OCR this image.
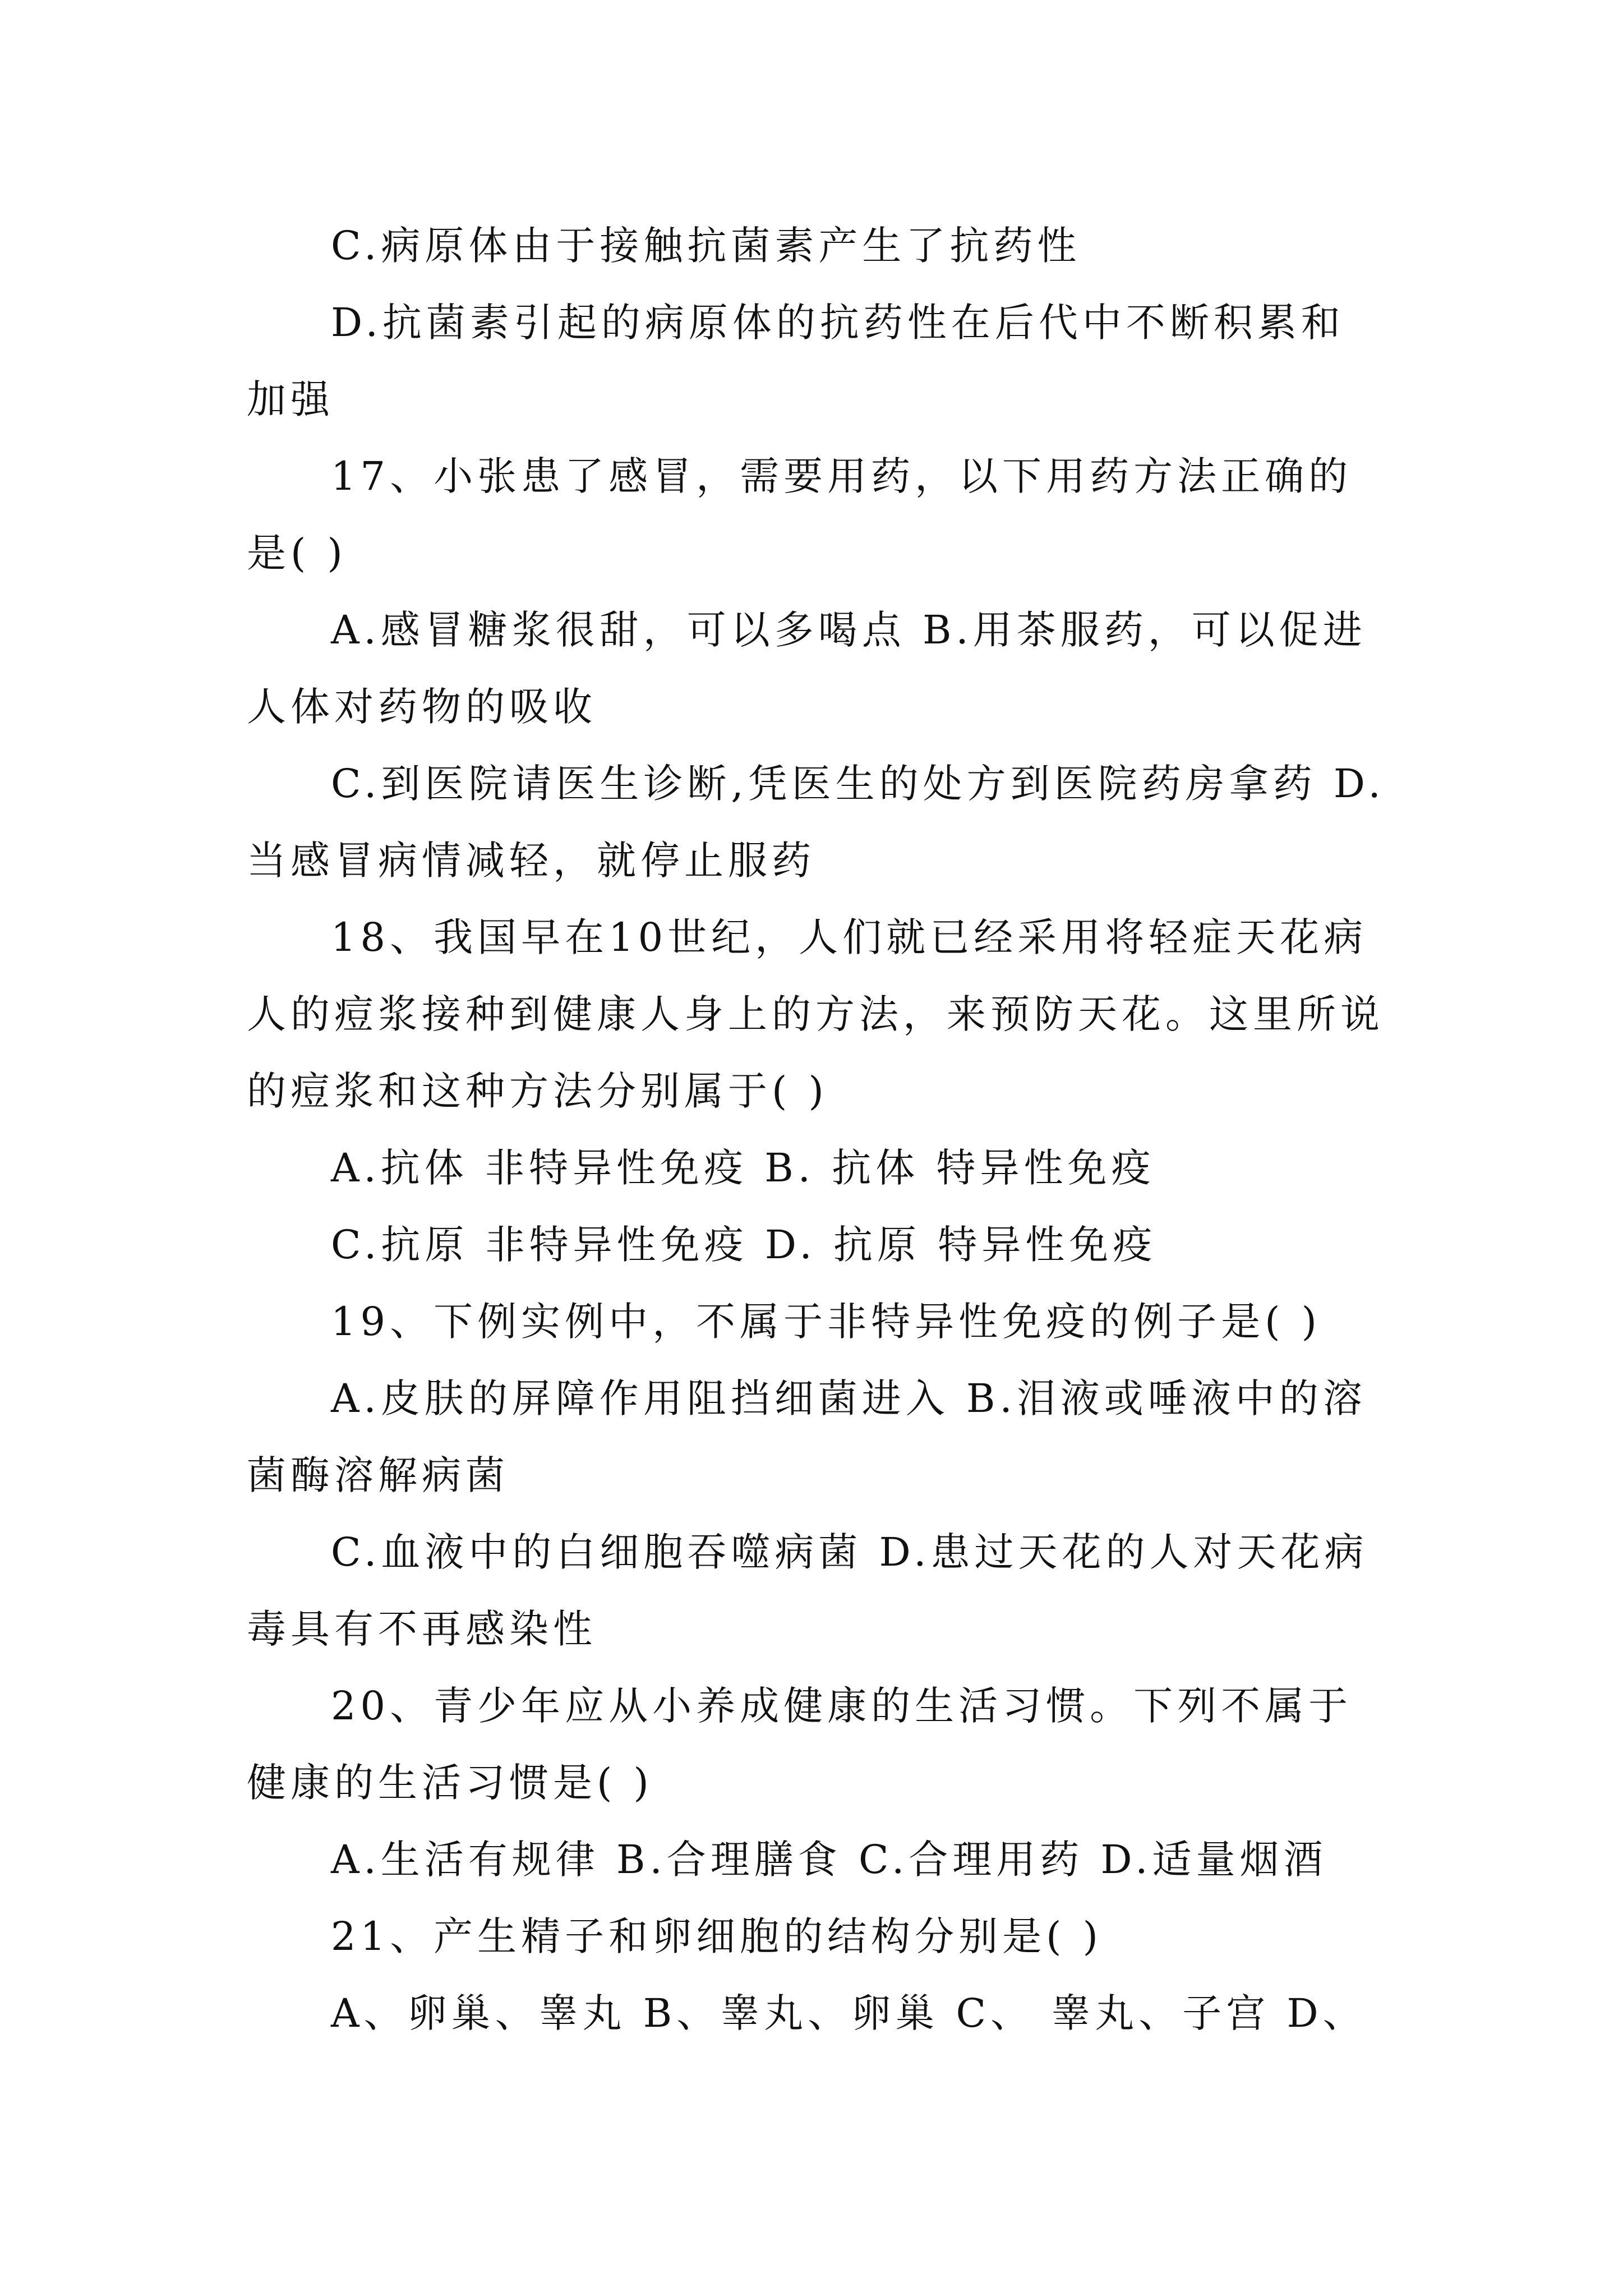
C.病原体由于接触抗菌素产生了抗药性

D.抗菌素引起的病原体的抗药性在后代中不断积累和加强

17、小张患了感冒，需要用药，以下用药方法正确的是( )

A.感冒糖浆很甜，可以多喝点 B.用茶服药，可以促进人体对药物的吸收

C.到医院请医生诊断,凭医生的处方到医院药房拿药 D.当感冒病情减轻，就停止服药

18、我国早在10世纪，人们就已经采用将轻症天花病人的痘浆接种到健康人身上的方法，来预防天花。这里所说的痘浆和这种方法分别属于( )

A.抗体 非特异性免疫 B. 抗体 特异性免疫

C.抗原 非特异性免疫 D. 抗原 特异性免疫

19、下例实例中，不属于非特异性免疫的例子是( )

A.皮肤的屏障作用阻挡细菌进入 B.泪液或唾液中的溶菌酶溶解病菌

C.血液中的白细胞吞噬病菌 D.患过天花的人对天花病毒具有不再感染性

20、青少年应从小养成健康的生活习惯。下列不属于健康的生活习惯是( )

A.生活有规律 B.合理膳食 C.合理用药 D.适量烟酒

21、产生精子和卵细胞的结构分别是( )

A、卵巢、睾丸 B、睾丸、卵巢 C、 睾丸、子宫 D、
